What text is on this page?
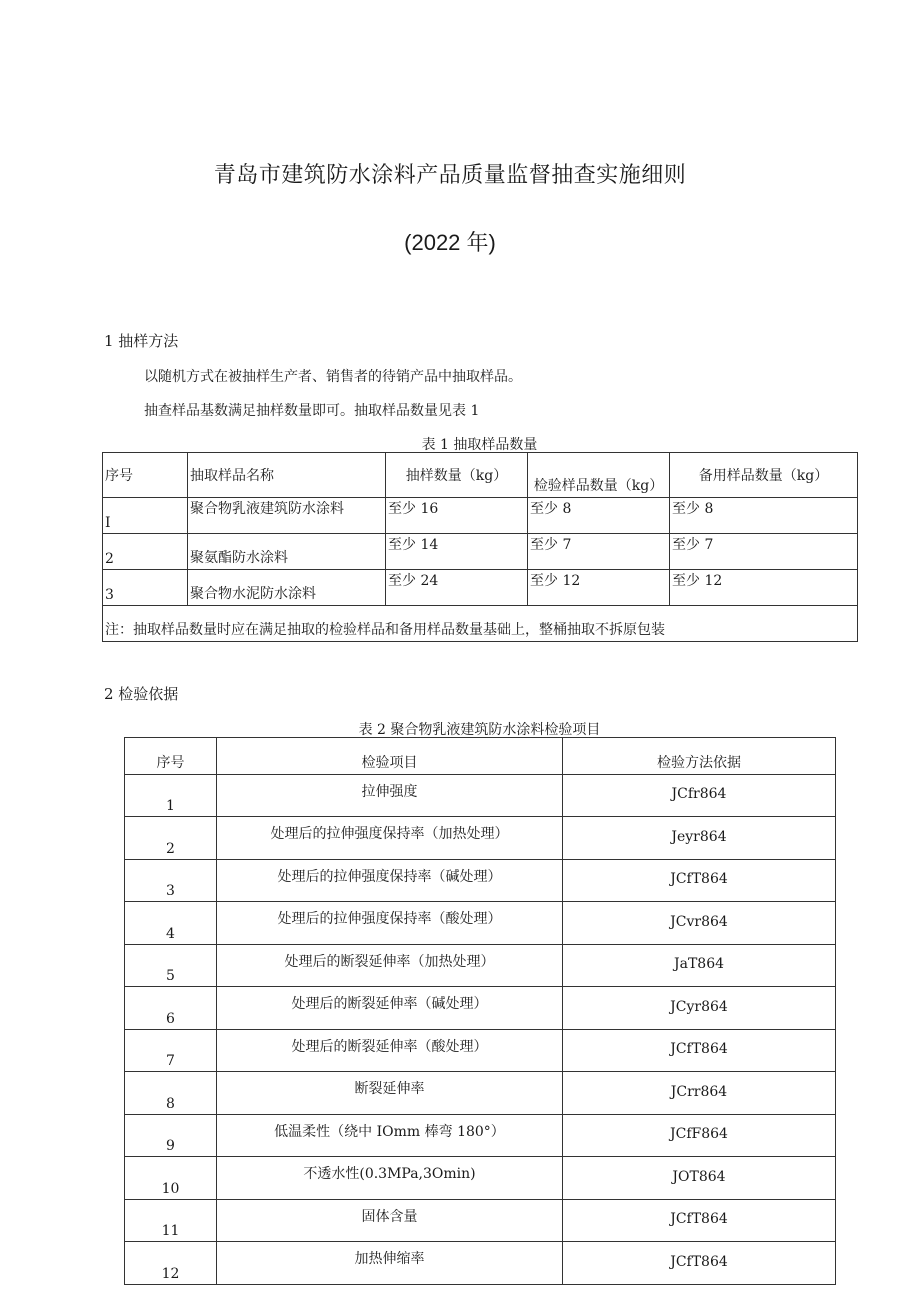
青岛市建筑防水涂料产品质量监督抽查实施细则
(2022 年)
1 抽样方法
以随机方式在被抽样生产者、销售者的待销产品中抽取样品。
抽查样品基数满足抽样数量即可。抽取样品数量见表 1
表 1 抽取样品数量
序号	抽取样品名称	抽样数量（kg）	检验样品数量（kg）	备用样品数量（kg）
I	聚合物乳液建筑防水涂料	至少 16	至少 8	至少 8
2	聚氨酯防水涂料	至少 14	至少 7	至少 7
3	聚合物水泥防水涂料	至少 24	至少 12	至少 12
注：抽取样品数量时应在满足抽取的检验样品和备用样品数量基础上，整桶抽取不拆原包装				
2 检验依据
表 2 聚合物乳液建筑防水涂料检验项目
序号	检验项目	检验方法依据
1	拉伸强度	JCfr864
2	处理后的拉伸强度保持率（加热处理）	Jeyr864
3	处理后的拉伸强度保持率（碱处理）	JCfT864
4	处理后的拉伸强度保持率（酸处理）	JCvr864
5	处理后的断裂延伸率（加热处理）	JaT864
6	处理后的断裂延伸率（碱处理）	JCyr864
7	处理后的断裂延伸率（酸处理）	JCfT864
8	断裂延伸率	JCrr864
9	低温柔性（绕中 IOmm 棒弯 180°）	JCfF864
10	不透水性(0.3MPa,3Omin)	JOT864
11	固体含量	JCfT864
12	加热伸缩率	JCfT864
